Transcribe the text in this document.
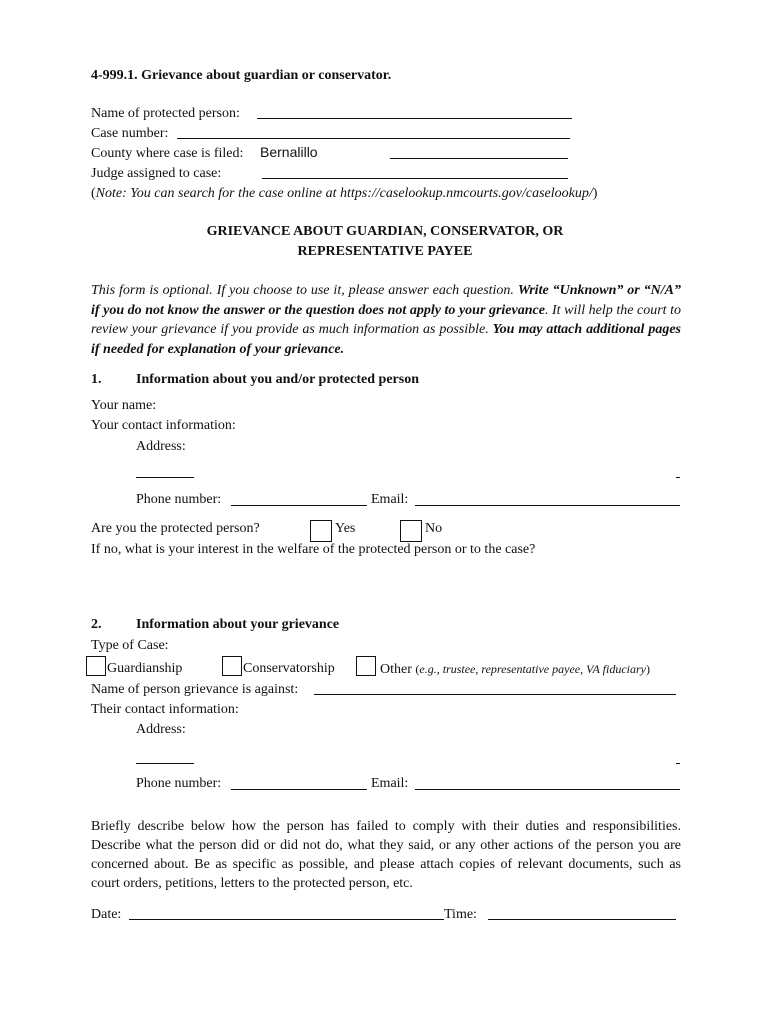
4-999.1. Grievance about guardian or conservator.
Name of protected person:
Case number:
County where case is filed: Bernalillo
Judge assigned to case:
(Note: You can search for the case online at https://caselookup.nmcourts.gov/caselookup/)
GRIEVANCE ABOUT GUARDIAN, CONSERVATOR, OR
REPRESENTATIVE PAYEE
This form is optional. If you choose to use it, please answer each question. Write “Unknown” or “N/A” if you do not know the answer or the question does not apply to your grievance. It will help the court to review your grievance if you provide as much information as possible. You may attach additional pages if needed for explanation of your grievance.
1. Information about you and/or protected person
Your name:
Your contact information:
Address:
Phone number:	Email:
Are you the protected person?	Yes	No
If no, what is your interest in the welfare of the protected person or to the case?
2. Information about your grievance
Type of Case:
Guardianship	Conservatorship	Other (e.g., trustee, representative payee, VA fiduciary)
Name of person grievance is against:
Their contact information:
Address:
Phone number:	Email:
Briefly describe below how the person has failed to comply with their duties and responsibilities. Describe what the person did or did not do, what they said, or any other actions of the person you are concerned about. Be as specific as possible, and please attach copies of relevant documents, such as court orders, petitions, letters to the protected person, etc.
Date:	Time:
